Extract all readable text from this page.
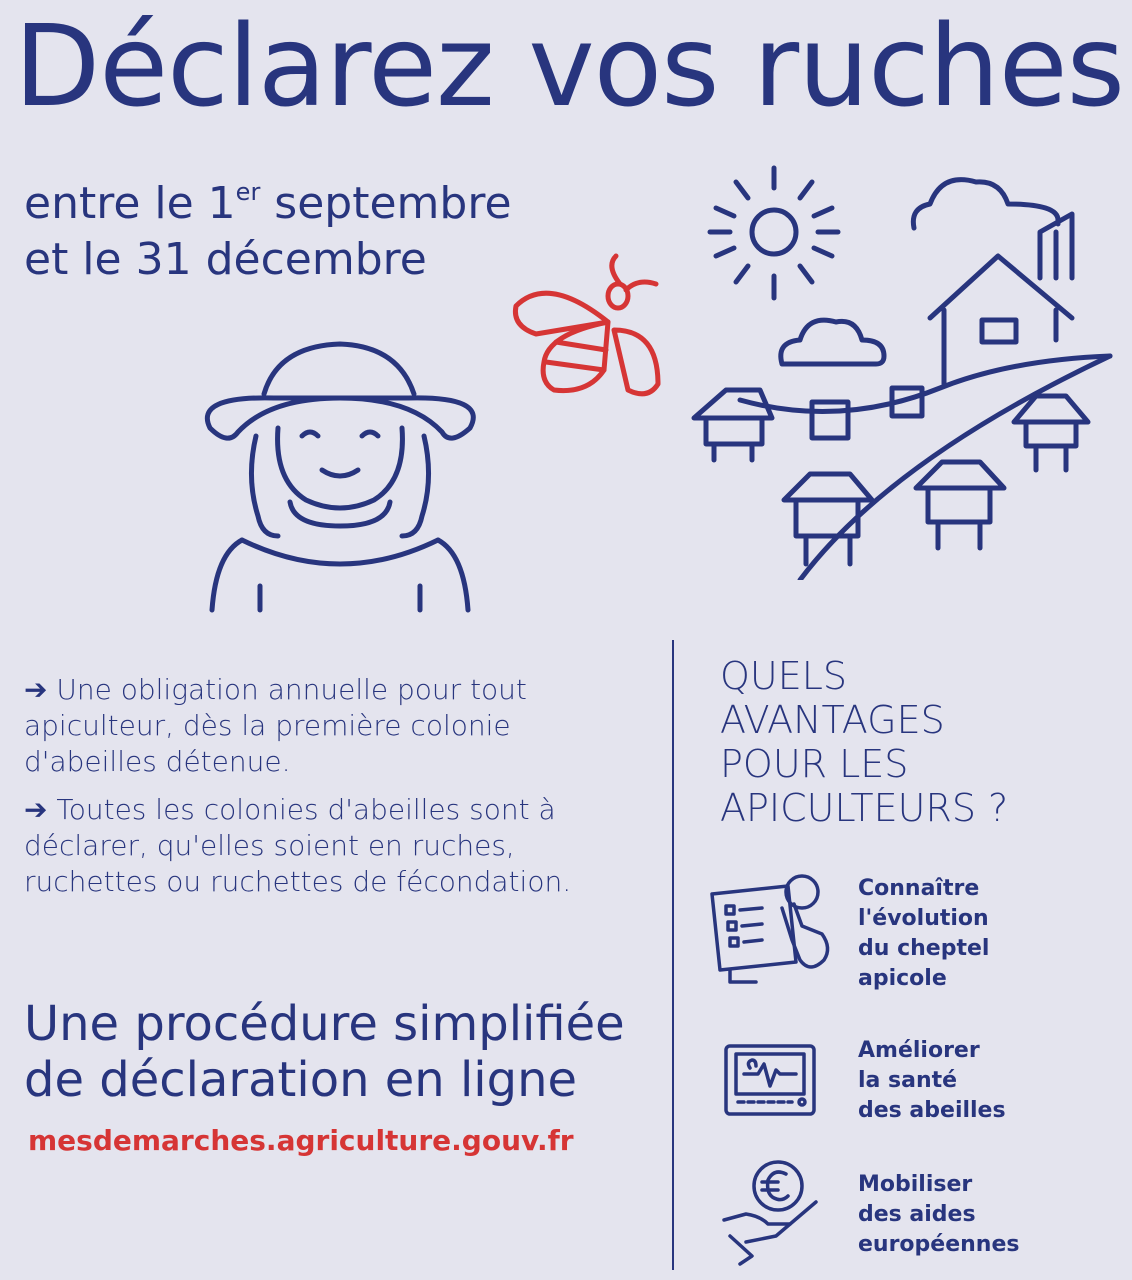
Déclarez vos ruches
entre le 1er septembre
et le 31 décembre

➔ Une obligation annuelle pour tout apiculteur, dès la première colonie d'abeilles détenue.

➔ Toutes les colonies d'abeilles sont à déclarer, qu'elles soient en ruches, ruchettes ou ruchettes de fécondation.

Une procédure simplifiée
de déclaration en ligne
mesdemarches.agriculture.gouv.fr
QUELS
AVANTAGES
POUR LES
APICULTEURS ?
Connaître
l'évolution
du cheptel
apicole
Améliorer
la santé
des abeilles
Mobiliser
des aides
européennes
